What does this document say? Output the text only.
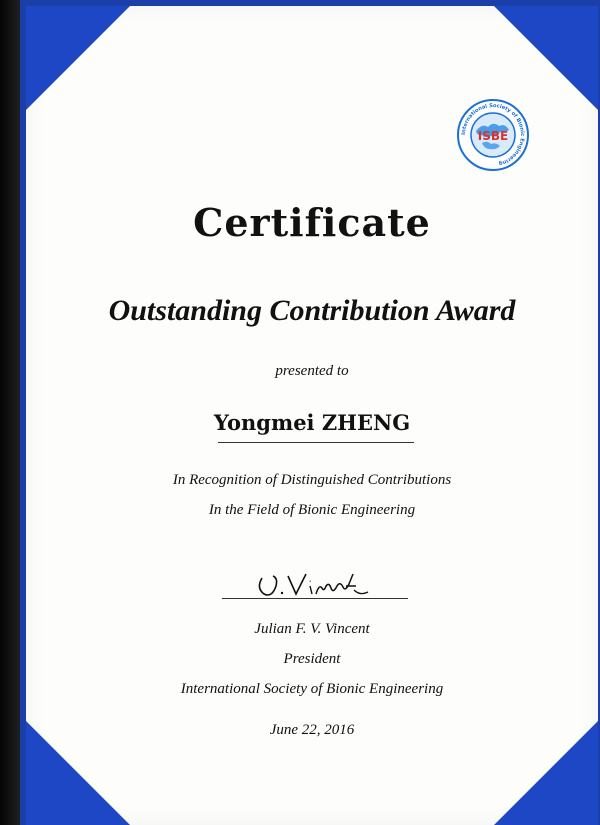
International Society of Bionic Engineering
ISBE
Certificate
Outstanding Contribution Award
presented to
Yongmei ZHENG
In Recognition of Distinguished Contributions
In the Field of Bionic Engineering
Julian F. V. Vincent
President
International Society of Bionic Engineering
June 22, 2016
